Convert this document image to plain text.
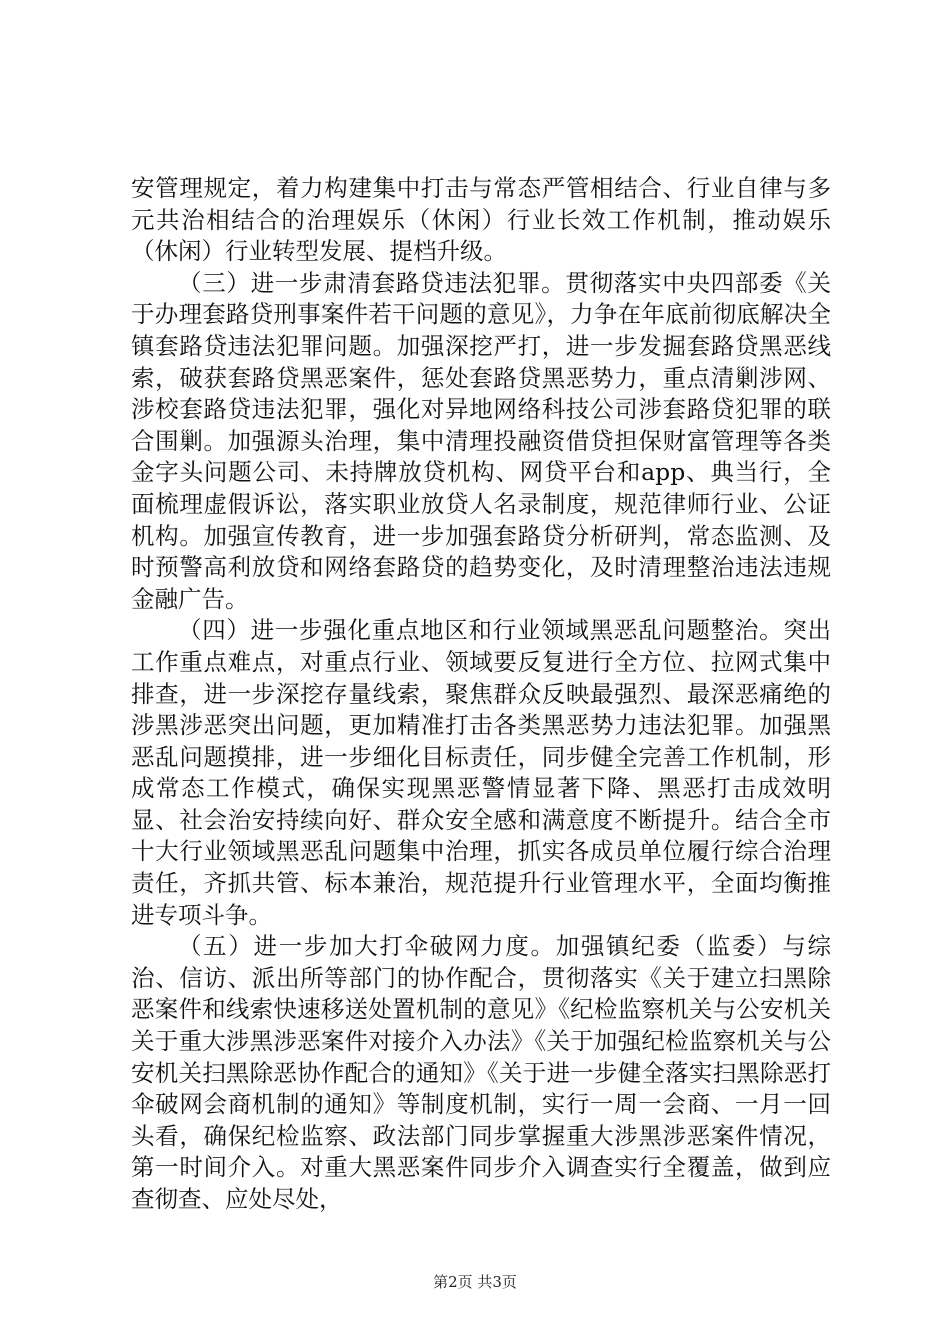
安管理规定，着力构建集中打击与常态严管相结合、行业自律与多元共治相结合的治理娱乐（休闲）行业长效工作机制，推动娱乐（休闲）行业转型发展、提档升级。

（三）进一步肃清套路贷违法犯罪。贯彻落实中央四部委《关于办理套路贷刑事案件若干问题的意见》，力争在年底前彻底解决全镇套路贷违法犯罪问题。加强深挖严打，进一步发掘套路贷黑恶线索，破获套路贷黑恶案件，惩处套路贷黑恶势力，重点清剿涉网、涉校套路贷违法犯罪，强化对异地网络科技公司涉套路贷犯罪的联合围剿。加强源头治理，集中清理投融资借贷担保财富管理等各类金字头问题公司、未持牌放贷机构、网贷平台和app、典当行，全面梳理虚假诉讼，落实职业放贷人名录制度，规范律师行业、公证机构。加强宣传教育，进一步加强套路贷分析研判，常态监测、及时预警高利放贷和网络套路贷的趋势变化，及时清理整治违法违规金融广告。

（四）进一步强化重点地区和行业领域黑恶乱问题整治。突出工作重点难点，对重点行业、领域要反复进行全方位、拉网式集中排查，进一步深挖存量线索，聚焦群众反映最强烈、最深恶痛绝的涉黑涉恶突出问题，更加精准打击各类黑恶势力违法犯罪。加强黑恶乱问题摸排，进一步细化目标责任，同步健全完善工作机制，形成常态工作模式，确保实现黑恶警情显著下降、黑恶打击成效明显、社会治安持续向好、群众安全感和满意度不断提升。结合全市十大行业领域黑恶乱问题集中治理，抓实各成员单位履行综合治理责任，齐抓共管、标本兼治，规范提升行业管理水平，全面均衡推进专项斗争。

（五）进一步加大打伞破网力度。加强镇纪委（监委）与综治、信访、派出所等部门的协作配合，贯彻落实《关于建立扫黑除恶案件和线索快速移送处置机制的意见》《纪检监察机关与公安机关关于重大涉黑涉恶案件对接介入办法》《关于加强纪检监察机关与公安机关扫黑除恶协作配合的通知》《关于进一步健全落实扫黑除恶打伞破网会商机制的通知》等制度机制，实行一周一会商、一月一回头看，确保纪检监察、政法部门同步掌握重大涉黑涉恶案件情况，第一时间介入。对重大黑恶案件同步介入调查实行全覆盖，做到应查彻查、应处尽处，

第2页 共3页
